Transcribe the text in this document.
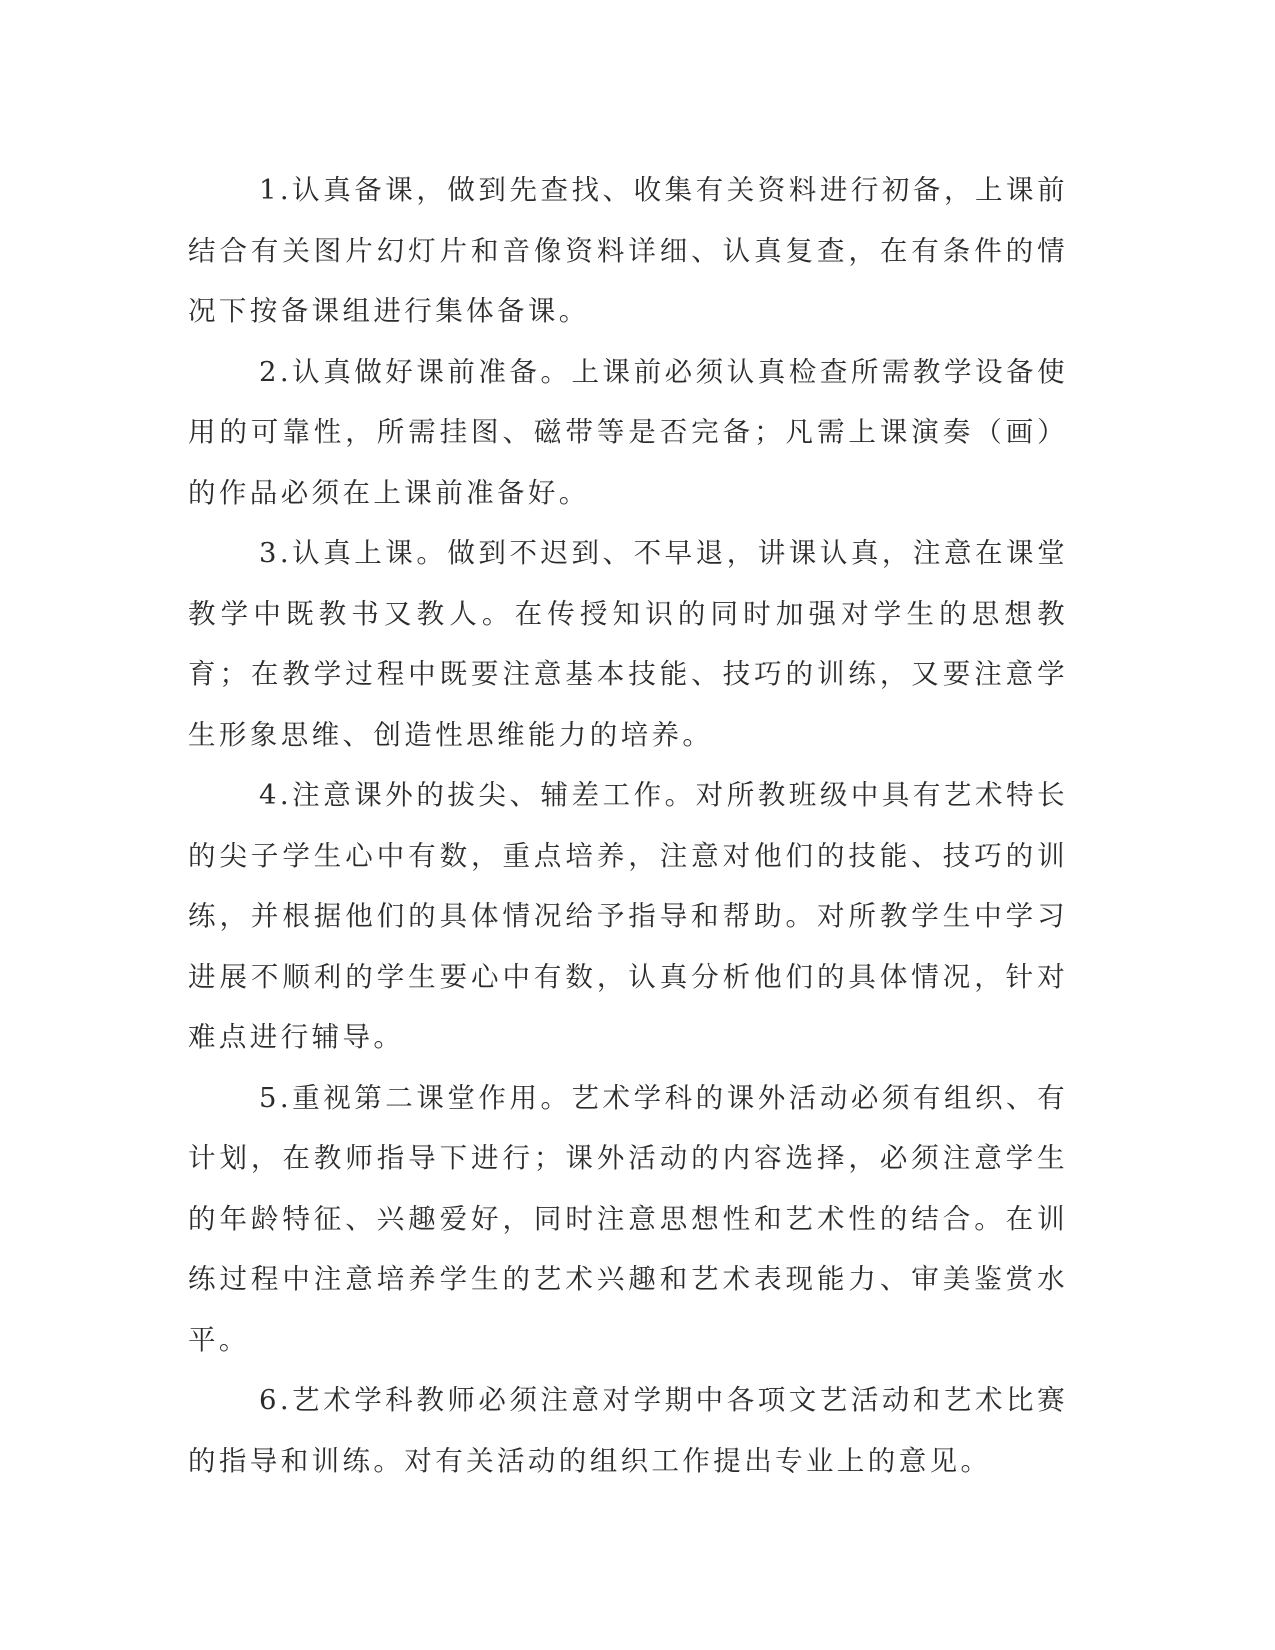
1.认真备课，做到先查找、收集有关资料进行初备，上课前结合有关图片幻灯片和音像资料详细、认真复查，在有条件的情况下按备课组进行集体备课。

2.认真做好课前准备。上课前必须认真检查所需教学设备使用的可靠性，所需挂图、磁带等是否完备；凡需上课演奏（画）的作品必须在上课前准备好。

3.认真上课。做到不迟到、不早退，讲课认真，注意在课堂教学中既教书又教人。在传授知识的同时加强对学生的思想教育；在教学过程中既要注意基本技能、技巧的训练，又要注意学生形象思维、创造性思维能力的培养。

4.注意课外的拔尖、辅差工作。对所教班级中具有艺术特长的尖子学生心中有数，重点培养，注意对他们的技能、技巧的训练，并根据他们的具体情况给予指导和帮助。对所教学生中学习进展不顺利的学生要心中有数，认真分析他们的具体情况，针对难点进行辅导。

5.重视第二课堂作用。艺术学科的课外活动必须有组织、有计划，在教师指导下进行；课外活动的内容选择，必须注意学生的年龄特征、兴趣爱好，同时注意思想性和艺术性的结合。在训练过程中注意培养学生的艺术兴趣和艺术表现能力、审美鉴赏水平。

6.艺术学科教师必须注意对学期中各项文艺活动和艺术比赛的指导和训练。对有关活动的组织工作提出专业上的意见。
